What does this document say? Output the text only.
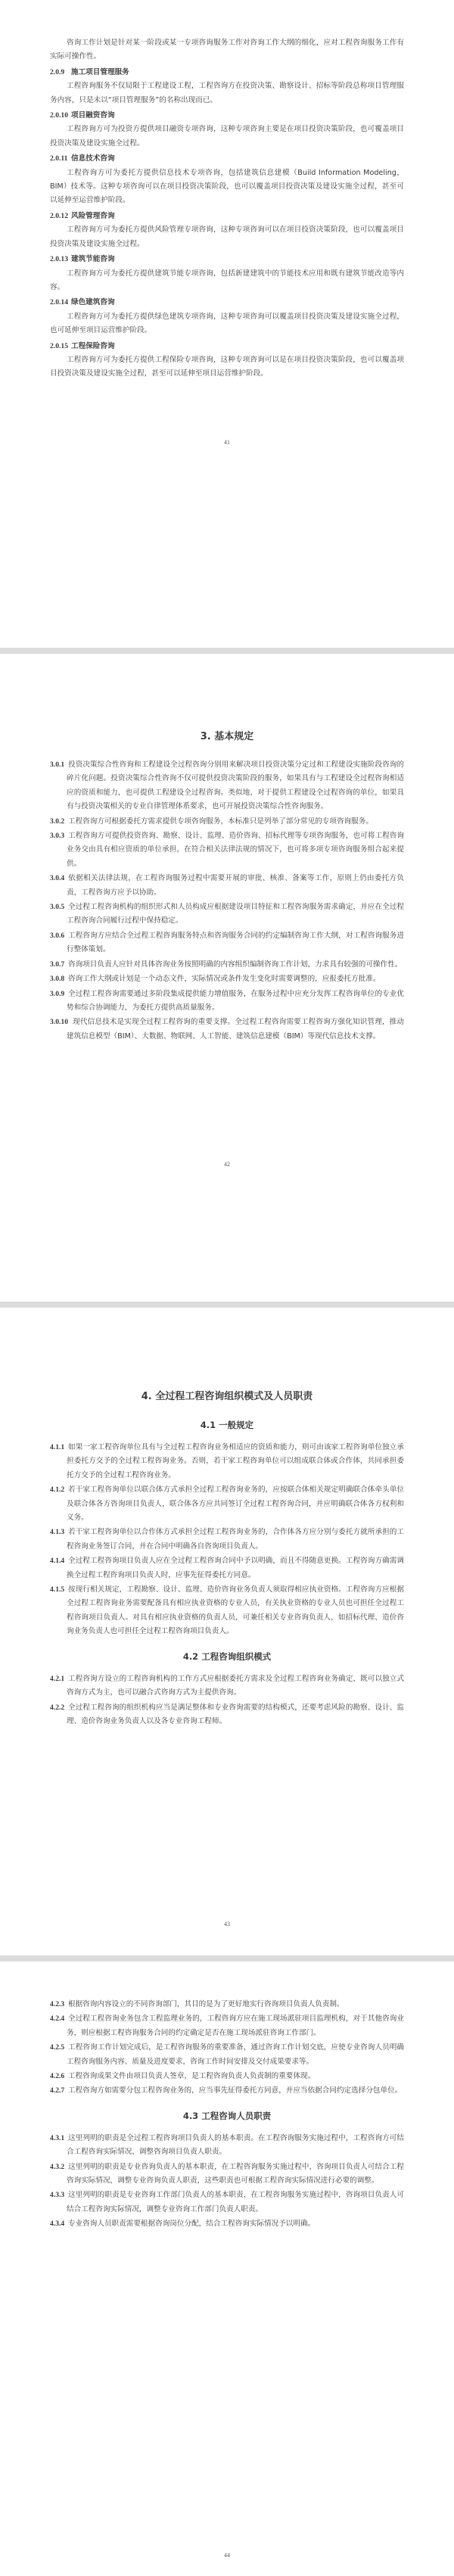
咨询工作计划是针对某一阶段或某一专项咨询服务工作对咨询工作大纲的细化，应对工程咨询服务工作有实际可操作性。

2.0.9 施工项目管理服务

工程咨询服务不仅局限于工程建设工程，工程咨询方在投资决策、勘察设计、招标等阶段总称项目管理服务内容，只是未以“项目管理服务”的名称出现而已。

2.0.10 项目融资咨询

工程咨询方可为投资方提供项目融资专项咨询，这种专项咨询主要是在项目投资决策阶段，也可覆盖项目投资决策及建设实施全过程。

2.0.11 信息技术咨询

工程咨询方可为委托方提供信息技术专项咨询，包括建筑信息建模（Build Information Modeling，BIM）技术等。这种专项咨询可以在项目投资决策阶段，也可以覆盖项目投资决策及建设实施全过程，甚至可以延伸至运营维护阶段。

2.0.12 风险管理咨询

工程咨询方可为委托方提供风险管理专项咨询，这种专项咨询可以在项目投资决策阶段，也可以覆盖项目投资决策及建设实施全过程。

2.0.13 建筑节能咨询

工程咨询方可为委托方提供建筑节能专项咨询，包括新建建筑中的节能技术应用和既有建筑节能改造等内容。

2.0.14 绿色建筑咨询

工程咨询方可为委托方提供绿色建筑专项咨询，这种专项咨询可以覆盖项目投资决策及建设实施全过程，也可延伸至项目运营维护阶段。

2.0.15 工程保险咨询

工程咨询方可为委托方提供工程保险专项咨询，这种专项咨询可以是在项目投资决策阶段，也可以覆盖项目投资决策及建设实施全过程，甚至可以延伸至项目运营维护阶段。

41
3. 基本规定

3.0.1 投资决策综合性咨询和工程建设全过程咨询分别用来解决项目投资决策分定过和工程建设实施阶段咨询的碎片化问题。投资决策综合性咨询不仅可提供投资决策阶段的服务，如果具有与工程建设全过程咨询相适应的资质和能力，也可提供工程建设全过程咨询。类似地，对于提供工程建设全过程咨询的单位，如果具有与投资决策相关的专业自律管理体系要求，也可开展投资决策综合性咨询服务。

3.0.2 工程咨询方可根据委托方需求提供专项咨询服务，本标准只是列举了部分常见的专项咨询服务。

3.0.3 工程咨询方可提供投资咨询、勘察、设计、监理、造价咨询、招标代理等专项咨询服务，也可将工程咨询业务交由具有相应资质的单位承担，在符合相关法律法规的情况下，也可将多项专项咨询服务组合起来提供。

3.0.4 依据相关法律法规，在工程咨询服务过程中需要开展的审批、核准、备案等工作，原则上仍由委托方负责，工程咨询方应予以协助。

3.0.5 全过程工程咨询机构的组织形式和人员构成应根据建设项目特征和工程咨询服务需求确定，并应在全过程工程咨询合同履行过程中保持稳定。

3.0.6 工程咨询方应结合全过程工程咨询服务特点和咨询服务合同的约定编制咨询工作大纲，对工程咨询服务进行整体策划。

3.0.7 咨询项目负责人应针对具体咨询业务按照明确的内容组织编制咨询工作计划，力求具有较强的可操作性。

3.0.8 咨询工作大纲或计划是一个动态文件，实际情况或条件发生变化时需要调整的，应报委托方批准。

3.0.9 全过程工程咨询需要通过多阶段集成提供能力增值服务，在服务过程中应充分发挥工程咨询单位的专业优势和综合协调能力，为委托方提供高质量服务。

3.0.10 现代信息技术是实现全过程工程咨询的重要支撑。全过程工程咨询需要工程咨询方强化知识管理，推动建筑信息模型（BIM）、大数据、物联网、人工智能、建筑信息建模（BIM）等现代信息技术支撑。

42
4. 全过程工程咨询组织模式及人员职责
4.1 一般规定

4.1.1 如果一家工程咨询单位具有与全过程工程咨询业务相适应的资质和能力，则可由该家工程咨询单位独立承担委托方交予的全过程工程咨询业务。否则，若干家工程咨询单位可以组成联合体或合作体，共同承担委托方交予的全过程工程咨询业务。

4.1.2 若干家工程咨询单位以联合体方式承担全过程工程咨询业务的，应按联合体相关规定明确联合体牵头单位及联合体各方咨询项目负责人，联合体各方应共同签订全过程工程咨询合同，并应明确联合体各方权利和义务。

4.1.3 若干家工程咨询单位以合作体方式承担全过程工程咨询业务的，合作体各方应分别与委托方就所承担的工程咨询业务签订合同，并在合同中明确各自咨询项目负责人。

4.1.4 全过程工程咨询项目负责人应在全过程工程咨询合同中予以明确，而且不得随意更换。工程咨询方确需调换全过程工程咨询项目负责人时，应事先征得委托方同意。

4.1.5 按现行相关规定，工程勘察、设计、监理、造价咨询业务负责人须取得相应执业资格。工程咨询方应根据全过程工程咨询业务需要配备具有相应执业资格的专业人员，有关执业资格的专业人员也可担任全过程工程咨询项目负责人。对具有相应执业资格的负责人员，可兼任相关专业咨询负责人，如招标代理、造价咨询业务负责人也可担任全过程工程咨询项目负责人。

4.2 工程咨询组织模式

4.2.1 工程咨询方设立的工程咨询机构的工作方式应根据委托方需求及全过程工程咨询业务确定，既可以独立式咨询方式为主，也可以融合式咨询方式为主提供咨询。

4.2.2 全过程工程咨询的组织机构应当是满足整体和专业咨询需要的结构模式，还要考虑风险的勘察、设计、监理、造价咨询业务负责人以及各专业咨询工程师。

43

4.2.3 根据咨询内容设立的不同咨询部门，其目的是为了更好地实行咨询项目负责人负责制。

4.2.4 全过程工程咨询业务包含工程监理业务的，工程咨询方应在施工现场派驻项目监理机构，对于其他咨询业务，则应根据工程咨询服务合同的约定确定是否在施工现场派驻咨询工作部门。

4.2.5 工程咨询工作计划完成后，是工程咨询服务的重要准备，通过咨询工作计划交底，应使专业咨询人员明确工程咨询服务内容、质量及进度要求，咨询工作时间安排及交付成果要求等。

4.2.6 工程咨询成果文件由项目负责人签章，是工程咨询负责人负责制的重要体现。

4.2.7 工程咨询方如需要分包工程咨询业务的，应当事先征得委托方同意，并应当依据合同约定选择分包单位。

4.3 工程咨询人员职责

4.3.1 这里列明的职责是全过程工程咨询项目负责人的基本职责。在工程咨询服务实施过程中，工程咨询方可结合工程咨询实际情况，调整咨询项目负责人职责。

4.3.2 这里列明的职责是专业咨询负责人的基本职责，在工程咨询服务实施过程中，咨询项目负责人可结合工程咨询实际情况，调整专业咨询负责人职责，这些职责也可根据工程咨询实际情况进行必要的调整。

4.3.3 这里列明的职责是专业咨询工作部门负责人的基本职责，在工程咨询服务实施过程中，咨询项目负责人可结合工程咨询实际情况，调整专业咨询工作部门负责人职责。

4.3.4 专业咨询人员职责需要根据咨询岗位分配，结合工程咨询实际情况予以明确。

44
